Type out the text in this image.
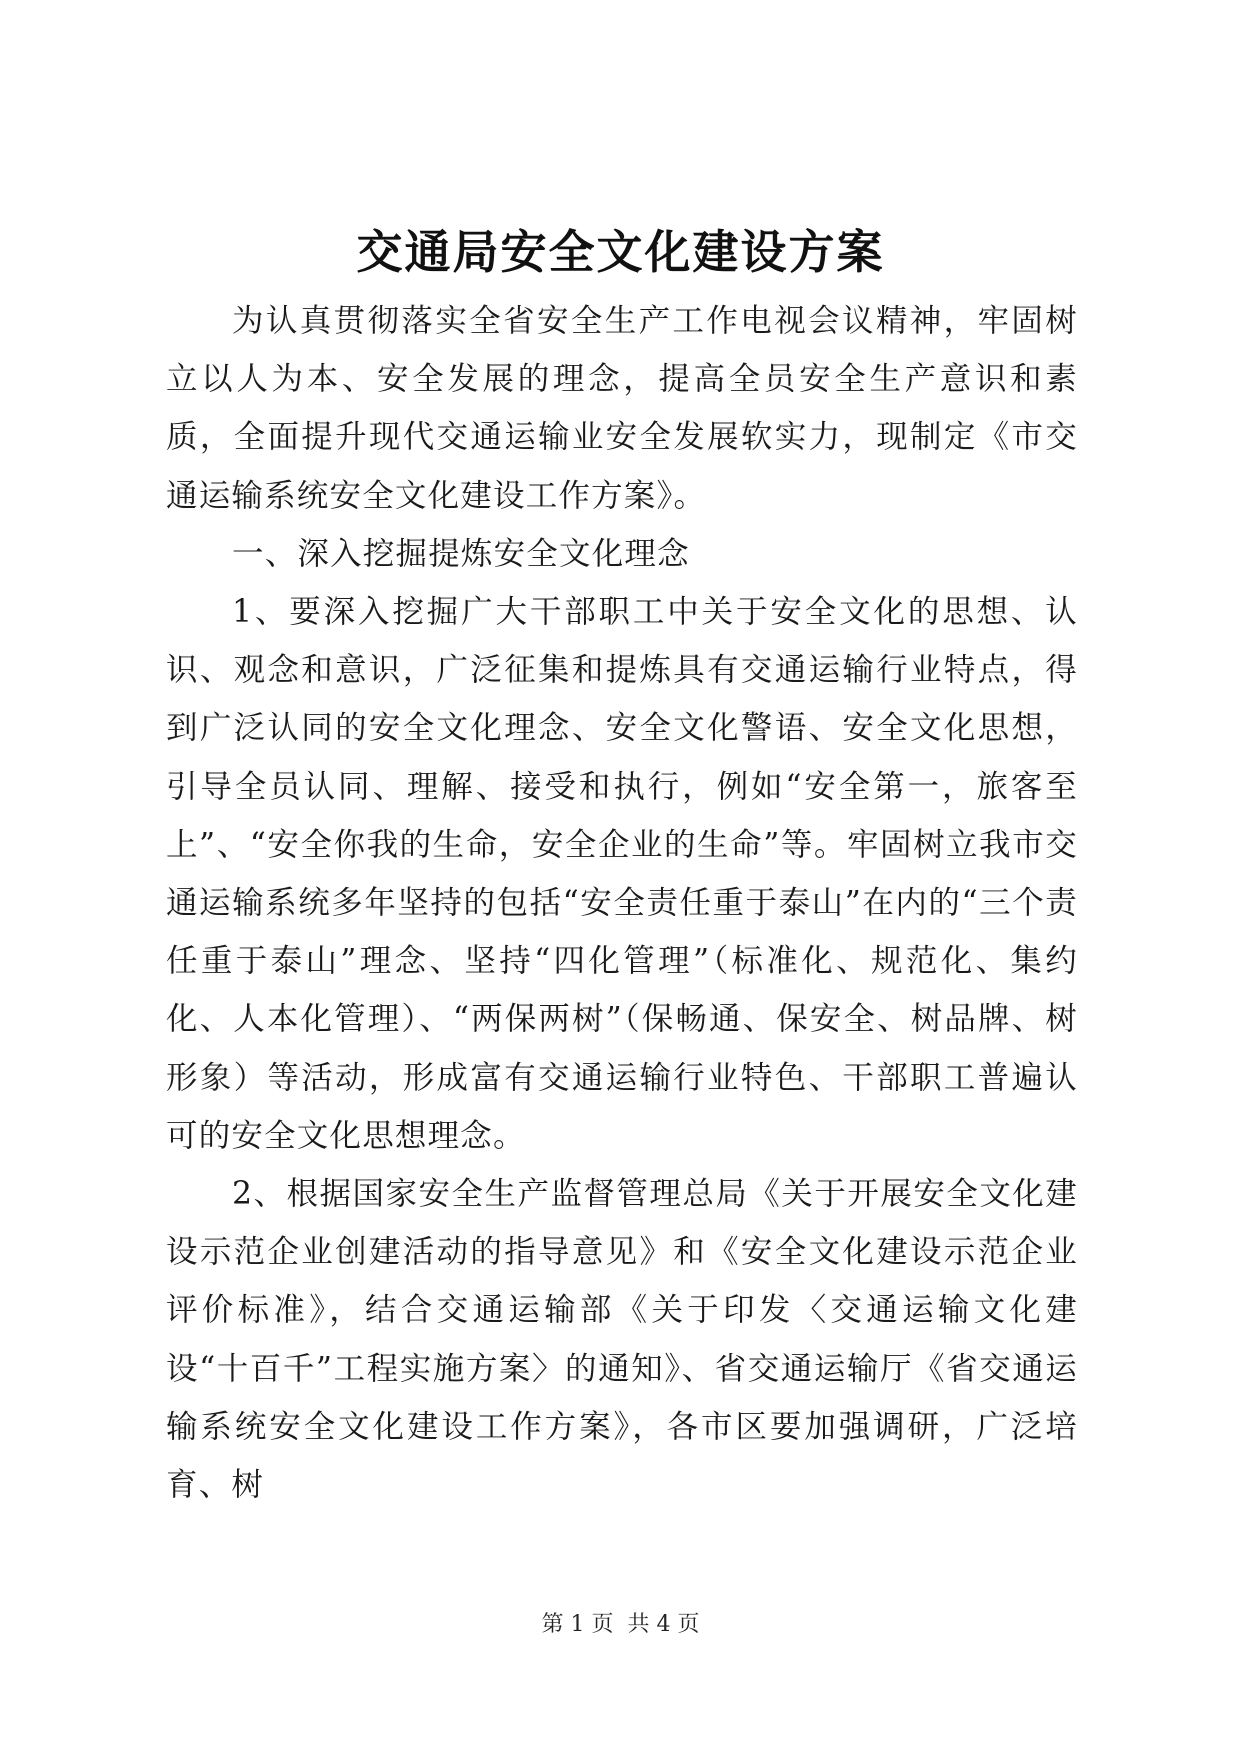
交通局安全文化建设方案

为认真贯彻落实全省安全生产工作电视会议精神，牢固树立以人为本、安全发展的理念，提高全员安全生产意识和素质，全面提升现代交通运输业安全发展软实力，现制定《市交通运输系统安全文化建设工作方案》。

一、深入挖掘提炼安全文化理念

1、要深入挖掘广大干部职工中关于安全文化的思想、认识、观念和意识，广泛征集和提炼具有交通运输行业特点，得到广泛认同的安全文化理念、安全文化警语、安全文化思想，引导全员认同、理解、接受和执行，例如“安全第一，旅客至上”、“安全你我的生命，安全企业的生命”等。牢固树立我市交通运输系统多年坚持的包括“安全责任重于泰山”在内的“三个责任重于泰山”理念、坚持“四化管理”（标准化、规范化、集约化、人本化管理）、“两保两树”（保畅通、保安全、树品牌、树形象）等活动，形成富有交通运输行业特色、干部职工普遍认可的安全文化思想理念。

2、根据国家安全生产监督管理总局《关于开展安全文化建设示范企业创建活动的指导意见》和《安全文化建设示范企业评价标准》，结合交通运输部《关于印发〈交通运输文化建设“十百千”工程实施方案〉的通知》、省交通运输厅《省交通运输系统安全文化建设工作方案》，各市区要加强调研，广泛培育、树

第 1 页  共 4 页
